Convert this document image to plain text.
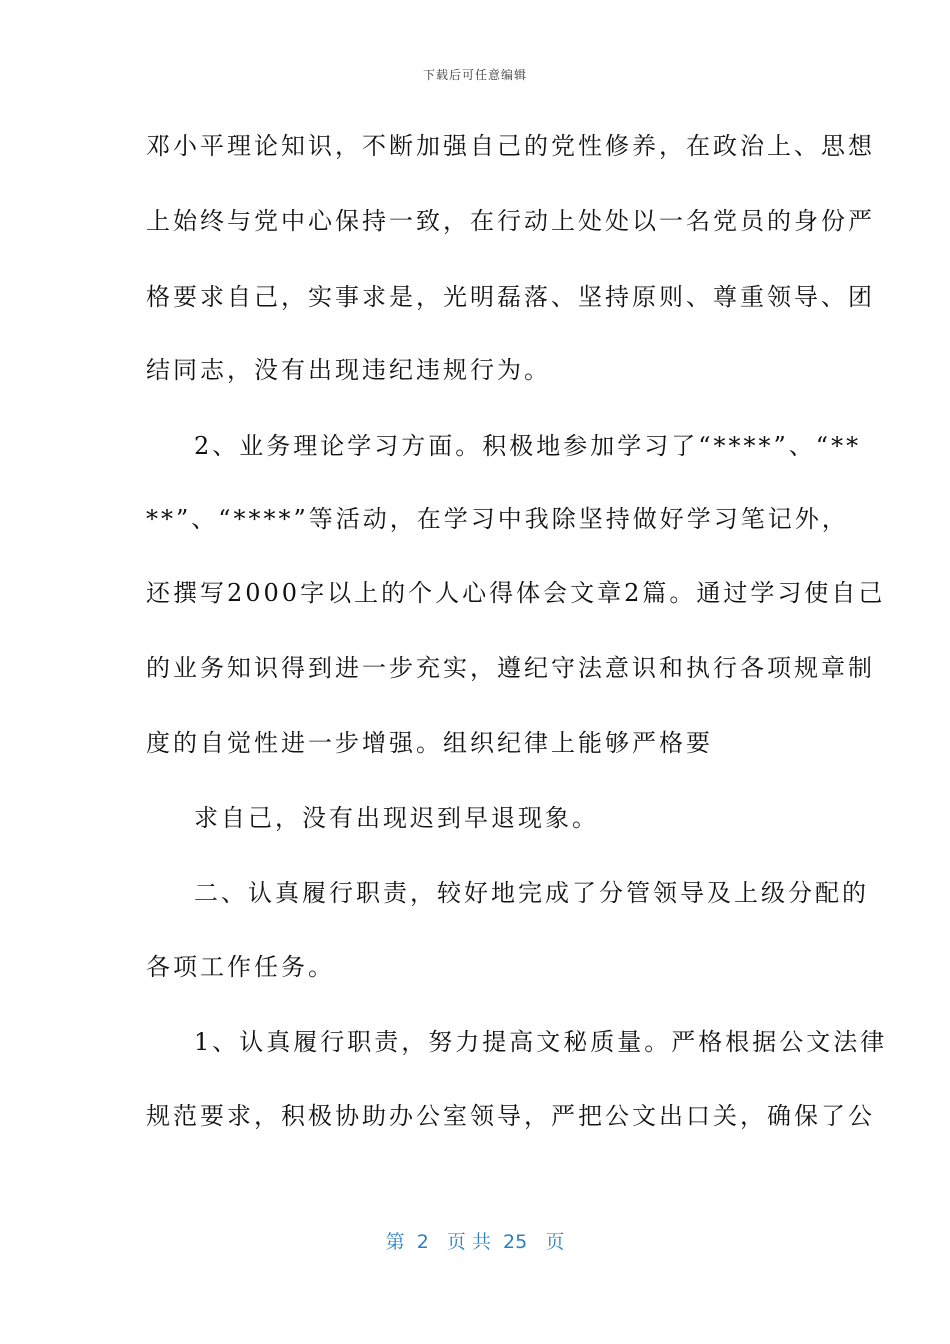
下载后可任意编辑
邓小平理论知识，不断加强自己的党性修养，在政治上、思想
上始终与党中心保持一致，在行动上处处以一名党员的身份严
格要求自己，实事求是，光明磊落、坚持原则、尊重领导、团
结同志，没有出现违纪违规行为。
2、业务理论学习方面。积极地参加学习了“****”、“**
**”、“****”等活动，在学习中我除坚持做好学习笔记外，
还撰写2000字以上的个人心得体会文章2篇。通过学习使自己
的业务知识得到进一步充实，遵纪守法意识和执行各项规章制
度的自觉性进一步增强。组织纪律上能够严格要
求自己，没有出现迟到早退现象。
二、认真履行职责，较好地完成了分管领导及上级分配的
各项工作任务。
1、认真履行职责，努力提高文秘质量。严格根据公文法律
规范要求，积极协助办公室领导，严把公文出口关，确保了公
第  2   页 共  25   页
